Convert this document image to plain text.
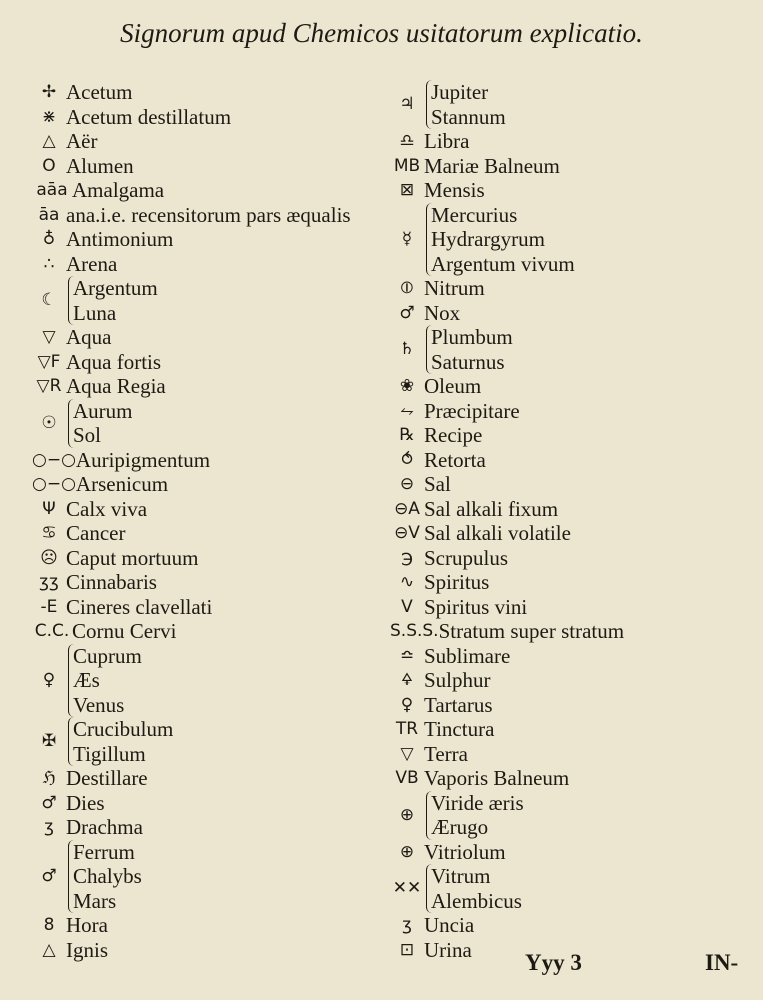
Signorum apud Chemicos usitatorum explicatio.
✢ Acetum
⋇ Acetum destillatum
△ Aër
O Alumen
aāa Amalgama
āa ana.i.e. recensitorum pars æqualis
♁ Antimonium
∴ Arena
☾
Argentum
Luna
▽ Aqua
▽F Aqua fortis
▽R Aqua Regia
☉
Aurum
Sol
○−○ Auripigmentum
○−○ Arsenicum
Ψ Calx viva
♋ Cancer
☹ Caput mortuum
ʒʒ Cinnabaris
-E Cineres clavellati
C.C. Cornu Cervi
♀
Cuprum
Æs
Venus
✠
Crucibulum
Tigillum
ℌ Destillare
♂ Dies
ʒ Drachma
♂
Ferrum
Chalybs
Mars
8 Hora
△ Ignis
♃
Jupiter
Stannum
♎ Libra
MB Mariæ Balneum
⊠ Mensis
☿
Mercurius
Hydrargyrum
Argentum vivum
⦶ Nitrum
♂ Nox
♄
Plumbum
Saturnus
❀ Oleum
⥊ Præcipitare
℞ Recipe
⥀ Retorta
⊖ Sal
⊖A Sal alkali fixum
⊖V Sal alkali volatile
℈ Scrupulus
∿ Spiritus
V Spiritus vini
S.S.S. Stratum super stratum
≏ Sublimare
🜍 Sulphur
♀ Tartarus
TR Tinctura
▽ Terra
VB Vaporis Balneum
⊕
Viride æris
Ærugo
⊕ Vitriolum
✕✕
Vitrum
Alembicus
ʒ Uncia
⊡ Urina
Yyy 3	IN-
